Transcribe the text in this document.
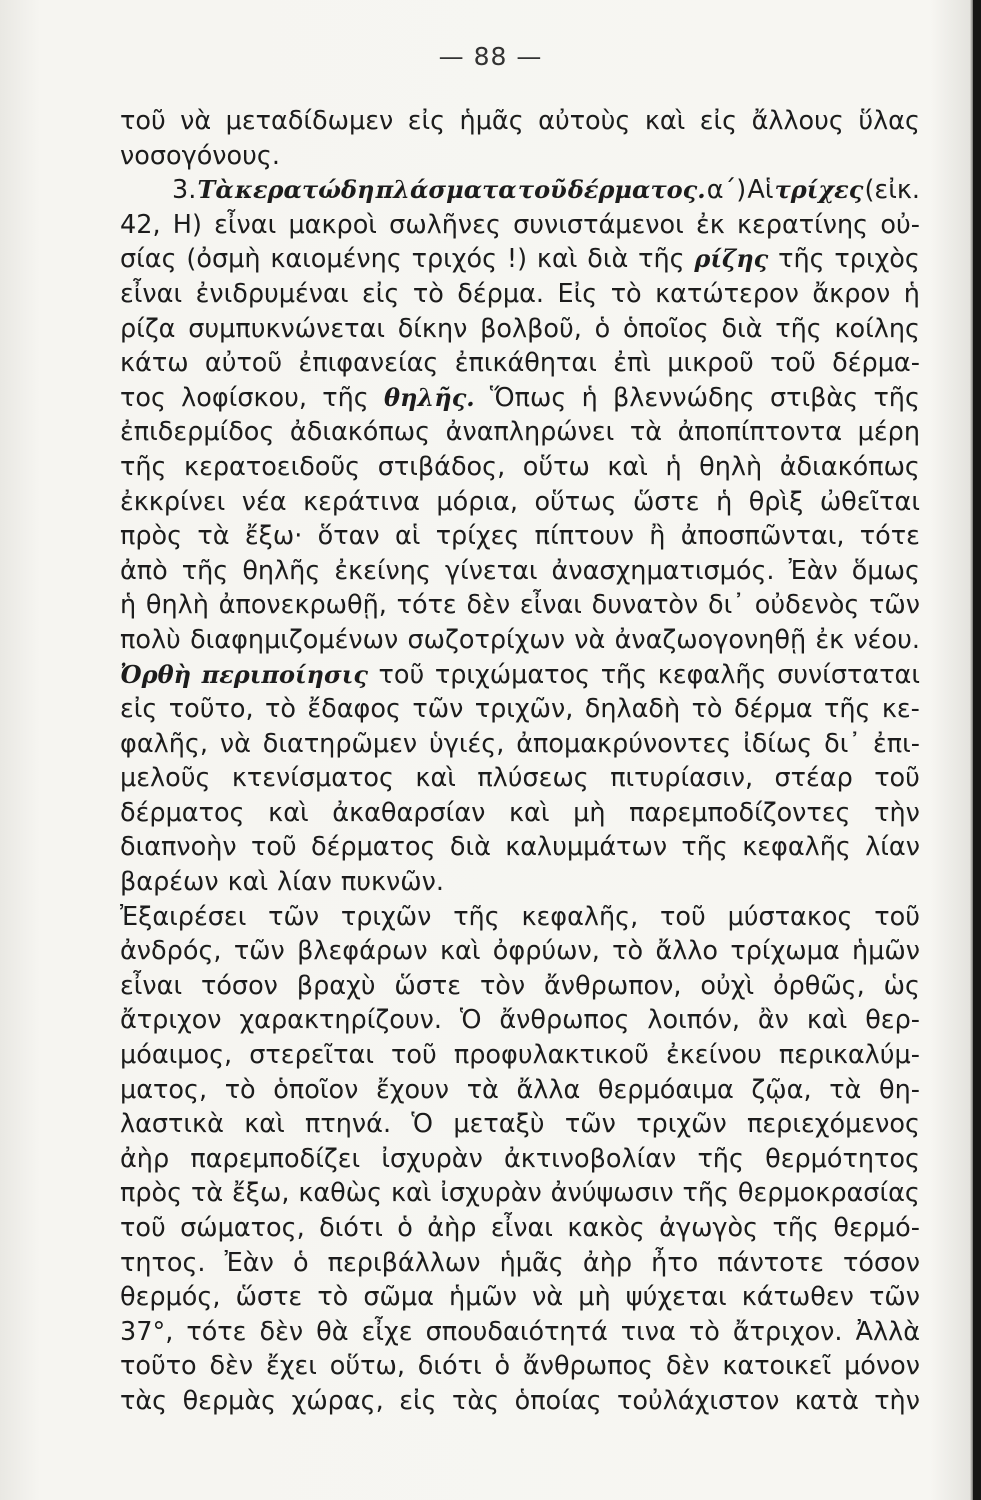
— 88 —
τοῦ νὰ μεταδίδωμεν εἰς ἡμᾶς αὐτοὺς καὶ εἰς ἄλλους ὕλας
νοσογόνους.
3. Τὰ κερατώδη πλάσματα τοῦ δέρματος. α΄) Αἱ τρίχες (εἰκ.
42, Η) εἶναι μακροὶ σωλῆνες συνιστάμενοι ἐκ κερατίνης οὐ-
σίας (ὀσμὴ καιομένης τριχός !) καὶ διὰ τῆς ρίζης τῆς τριχὸς
εἶναι ἐνιδρυμέναι εἰς τὸ δέρμα. Εἰς τὸ κατώτερον ἄκρον ἡ
ρίζα συμπυκνώνεται δίκην βολβοῦ, ὁ ὁποῖος διὰ τῆς κοίλης
κάτω αὐτοῦ ἐπιφανείας ἐπικάθηται ἐπὶ μικροῦ τοῦ δέρμα-
τος λοφίσκου, τῆς θηλῆς. Ὅπως ἡ βλεννώδης στιβὰς τῆς
ἐπιδερμίδος ἀδιακόπως ἀναπληρώνει τὰ ἀποπίπτοντα μέρη
τῆς κερατοειδοῦς στιβάδος, οὕτω καὶ ἡ θηλὴ ἀδιακόπως
ἐκκρίνει νέα κεράτινα μόρια, οὕτως ὥστε ἡ θρὶξ ὠθεῖται
πρὸς τὰ ἔξω· ὅταν αἱ τρίχες πίπτουν ἢ ἀποσπῶνται, τότε
ἀπὸ τῆς θηλῆς ἐκείνης γίνεται ἀνασχηματισμός. Ἐὰν ὅμως
ἡ θηλὴ ἀπονεκρωθῇ, τότε δὲν εἶναι δυνατὸν δι᾽ οὐδενὸς τῶν
πολὺ διαφημιζομένων σωζοτρίχων νὰ ἀναζωογονηθῇ ἐκ νέου.
Ὀρθὴ περιποίησις τοῦ τριχώματος τῆς κεφαλῆς συνίσταται
εἰς τοῦτο, τὸ ἔδαφος τῶν τριχῶν, δηλαδὴ τὸ δέρμα τῆς κε-
φαλῆς, νὰ διατηρῶμεν ὑγιές, ἀπομακρύνοντες ἰδίως δι᾽ ἐπι-
μελοῦς κτενίσματος καὶ πλύσεως πιτυρίασιν, στέαρ τοῦ
δέρματος καὶ ἀκαθαρσίαν καὶ μὴ παρεμποδίζοντες τὴν
διαπνοὴν τοῦ δέρματος διὰ καλυμμάτων τῆς κεφαλῆς λίαν
βαρέων καὶ λίαν πυκνῶν.
Ἐξαιρέσει τῶν τριχῶν τῆς κεφαλῆς, τοῦ μύστακος τοῦ
ἀνδρός, τῶν βλεφάρων καὶ ὀφρύων, τὸ ἄλλο τρίχωμα ἡμῶν
εἶναι τόσον βραχὺ ὥστε τὸν ἄνθρωπον, οὐχὶ ὀρθῶς, ὡς
ἄτριχον χαρακτηρίζουν. Ὁ ἄνθρωπος λοιπόν, ἂν καὶ θερ-
μόαιμος, στερεῖται τοῦ προφυλακτικοῦ ἐκείνου περικαλύμ-
ματος, τὸ ὁποῖον ἔχουν τὰ ἄλλα θερμόαιμα ζῷα, τὰ θη-
λαστικὰ καὶ πτηνά. Ὁ μεταξὺ τῶν τριχῶν περιεχόμενος
ἀὴρ παρεμποδίζει ἰσχυρὰν ἀκτινοβολίαν τῆς θερμότητος
πρὸς τὰ ἔξω, καθὼς καὶ ἰσχυρὰν ἀνύψωσιν τῆς θερμοκρασίας
τοῦ σώματος, διότι ὁ ἀὴρ εἶναι κακὸς ἀγωγὸς τῆς θερμό-
τητος. Ἐὰν ὁ περιβάλλων ἡμᾶς ἀὴρ ἦτο πάντοτε τόσον
θερμός, ὥστε τὸ σῶμα ἡμῶν νὰ μὴ ψύχεται κάτωθεν τῶν
37°, τότε δὲν θὰ εἶχε σπουδαιότητά τινα τὸ ἄτριχον. Ἀλλὰ
τοῦτο δὲν ἔχει οὕτω, διότι ὁ ἄνθρωπος δὲν κατοικεῖ μόνον
τὰς θερμὰς χώρας, εἰς τὰς ὁποίας τοὐλάχιστον κατὰ τὴν
